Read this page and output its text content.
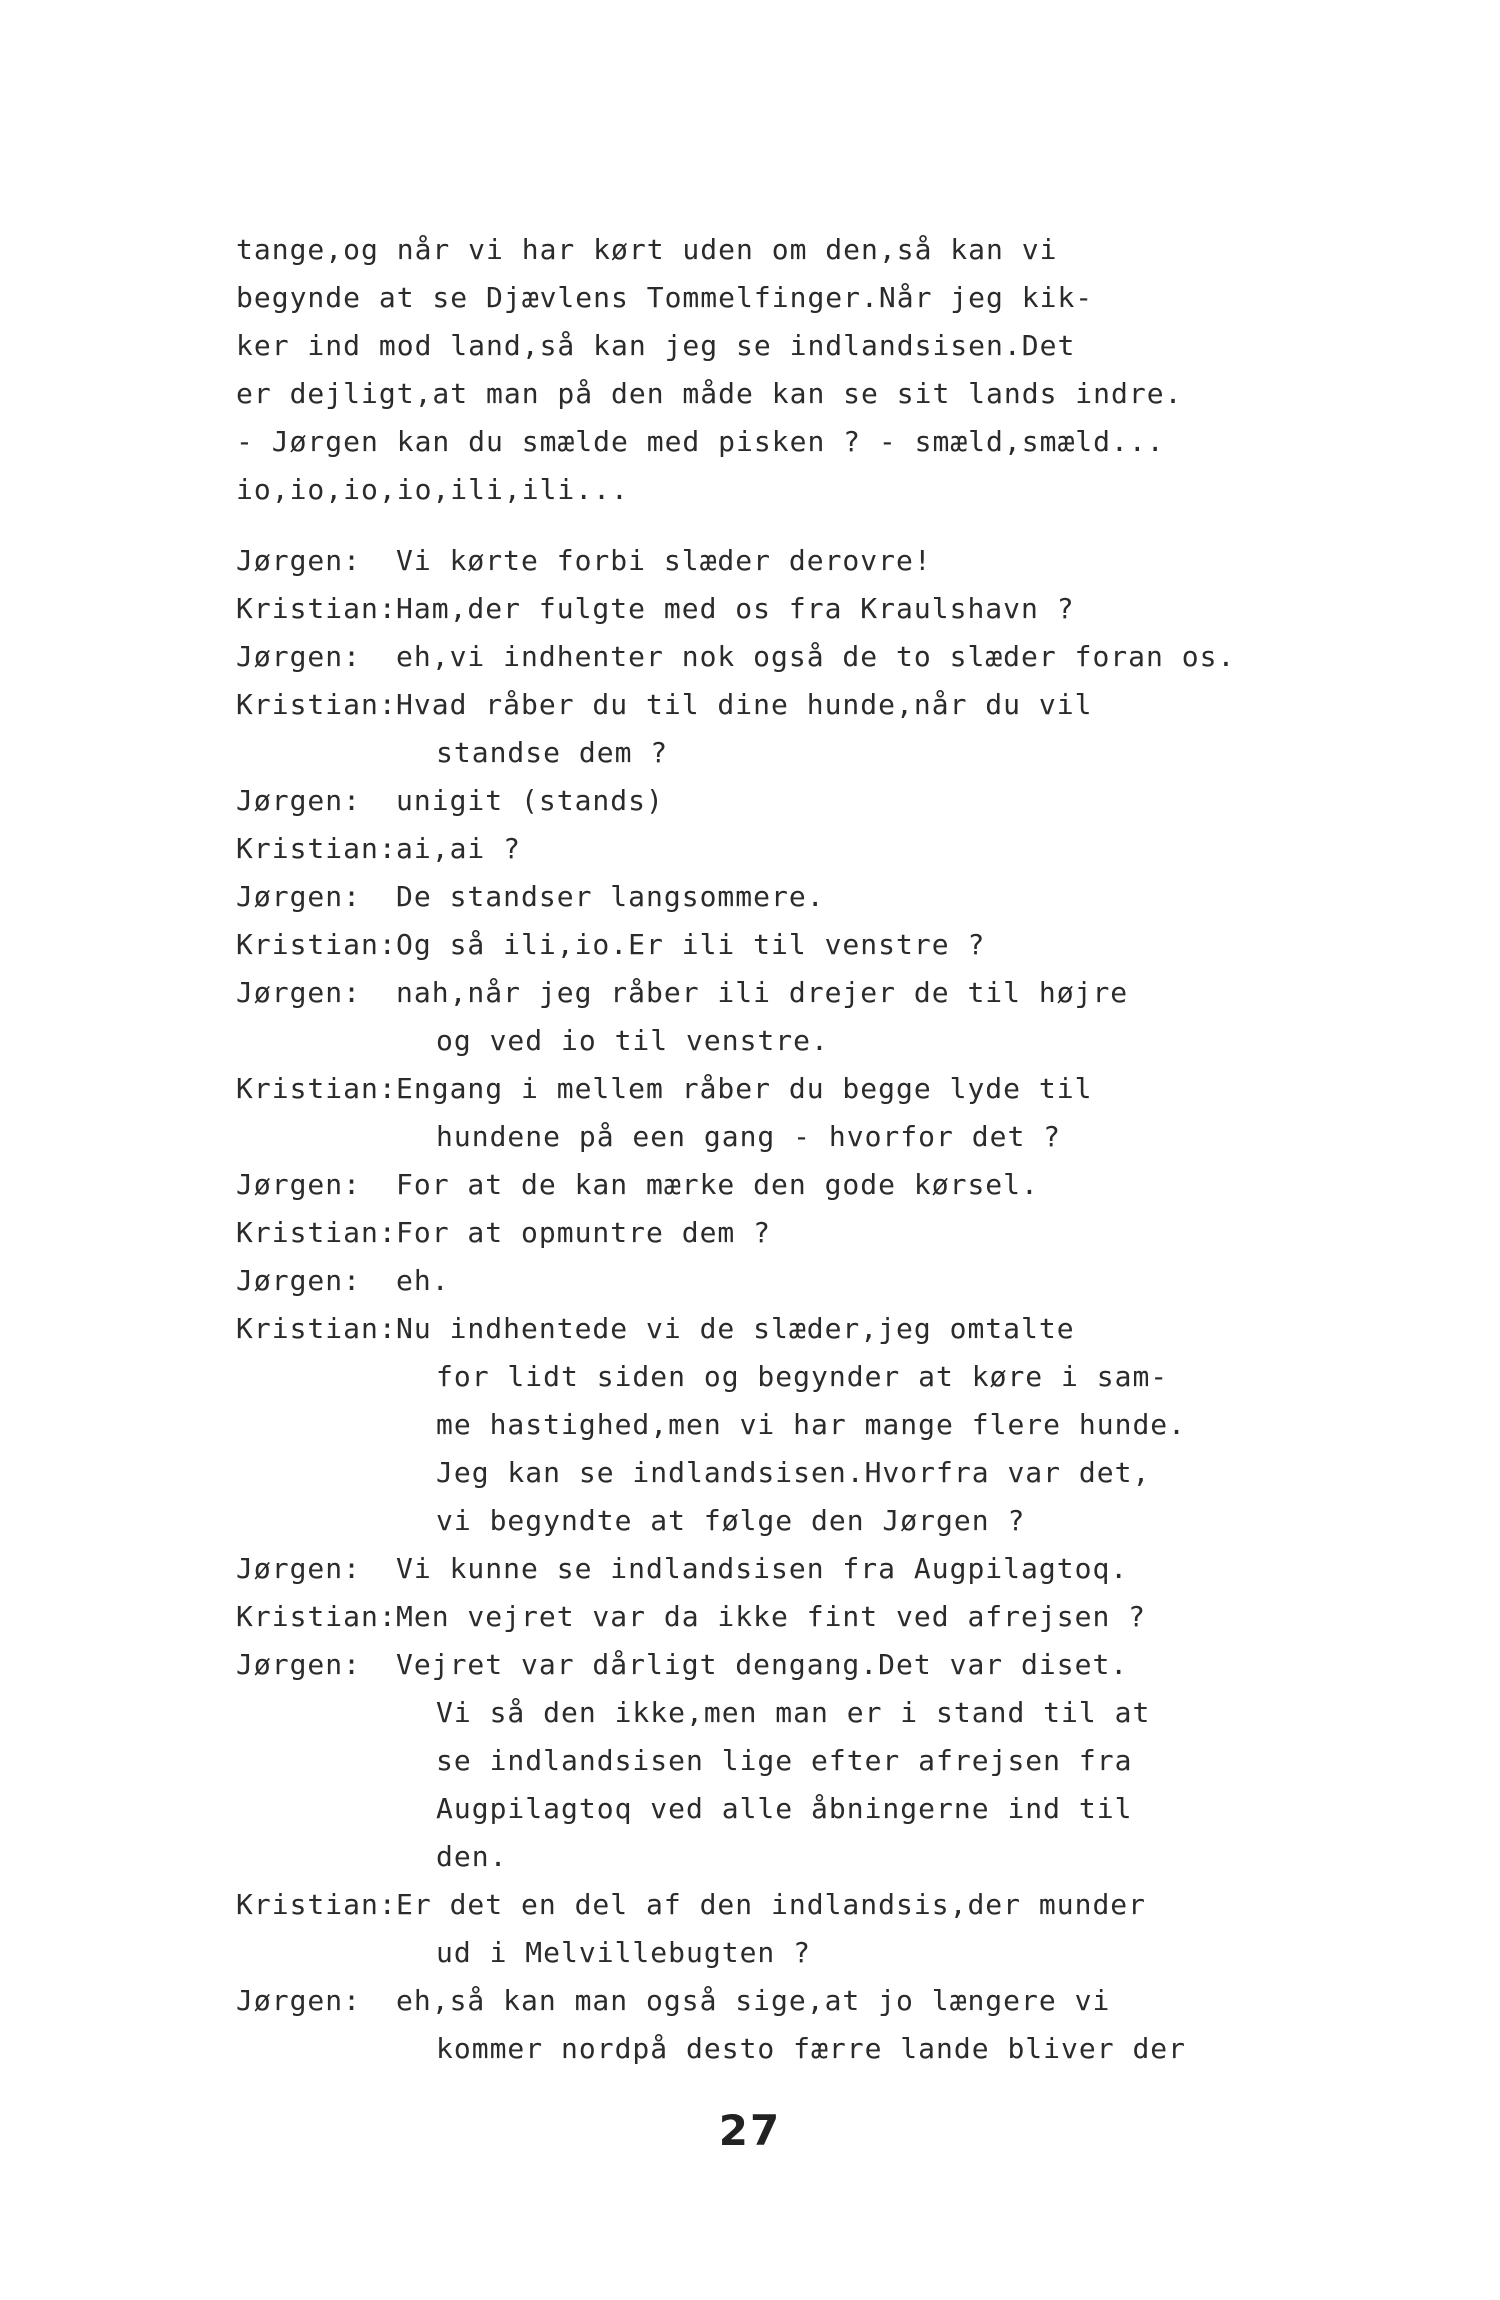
tange,og når vi har kørt uden om den,så kan vi
begynde at se Djævlens Tommelfinger.Når jeg kik-
ker ind mod land,så kan jeg se indlandsisen.Det
er dejligt,at man på den måde kan se sit lands indre.
- Jørgen kan du smælde med pisken ? - smæld,smæld...
io,io,io,io,ili,ili...
Jørgen: Vi kørte forbi slæder derovre!
Kristian:Ham,der fulgte med os fra Kraulshavn ?
Jørgen: eh,vi indhenter nok også de to slæder foran os.
Kristian:Hvad råber du til dine hunde,når du vil
standse dem ?
Jørgen: unigit (stands)
Kristian:ai,ai ?
Jørgen: De standser langsommere.
Kristian:Og så ili,io.Er ili til venstre ?
Jørgen: nah,når jeg råber ili drejer de til højre
og ved io til venstre.
Kristian:Engang i mellem råber du begge lyde til
hundene på een gang - hvorfor det ?
Jørgen: For at de kan mærke den gode kørsel.
Kristian:For at opmuntre dem ?
Jørgen: eh.
Kristian:Nu indhentede vi de slæder,jeg omtalte
for lidt siden og begynder at køre i sam-
me hastighed,men vi har mange flere hunde.
Jeg kan se indlandsisen.Hvorfra var det,
vi begyndte at følge den Jørgen ?
Jørgen: Vi kunne se indlandsisen fra Augpilagtoq.
Kristian:Men vejret var da ikke fint ved afrejsen ?
Jørgen: Vejret var dårligt dengang.Det var diset.
Vi så den ikke,men man er i stand til at
se indlandsisen lige efter afrejsen fra
Augpilagtoq ved alle åbningerne ind til
den.
Kristian:Er det en del af den indlandsis,der munder
ud i Melvillebugten ?
Jørgen: eh,så kan man også sige,at jo længere vi
kommer nordpå desto færre lande bliver der
27
